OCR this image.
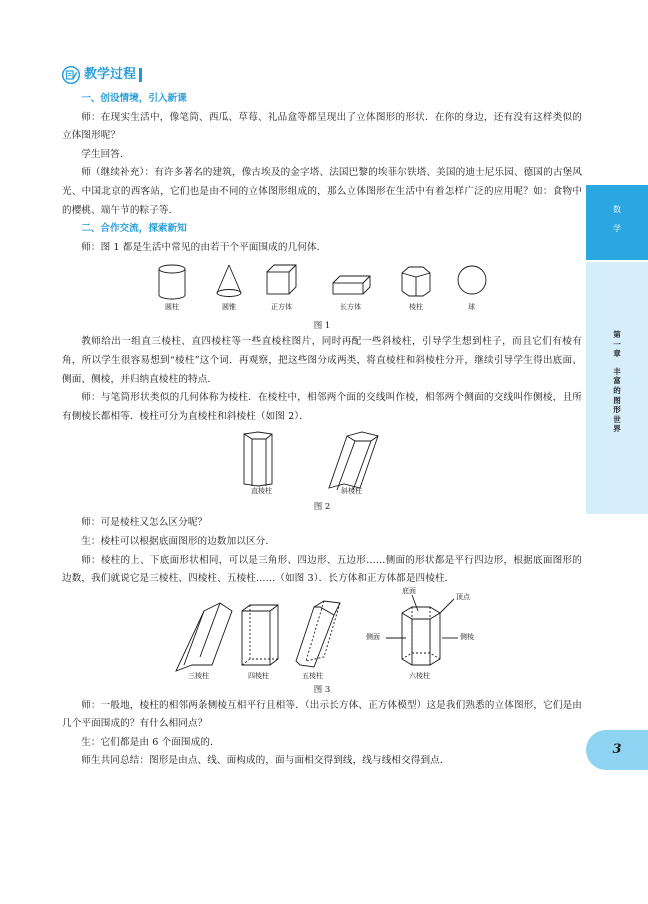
数
学
第
一
章
丰
富
的
图
形
世
界
3
教学过程

一、创设情境，引入新课

师：在现实生活中，像笔筒、西瓜、草莓、礼品盒等都呈现出了立体图形的形状．在你的身边，还有没有这样类似的立体图形呢？

学生回答．

师（继续补充）：有许多著名的建筑，像古埃及的金字塔、法国巴黎的埃菲尔铁塔、美国的迪士尼乐园、德国的古堡风光、中国北京的西客站，它们也是由不同的立体图形组成的，那么立体图形在生活中有着怎样广泛的应用呢？如：食物中的樱桃、端午节的粽子等．

二、合作交流，探索新知

师：图 1 都是生活中常见的由若干个平面围成的几何体．

圆柱	圆锥	正方体	长方体	棱柱	球
图 1

教师给出一组直三棱柱、直四棱柱等一些直棱柱图片，同时再配一些斜棱柱，引导学生想到柱子，而且它们有棱有角，所以学生很容易想到“棱柱”这个词．再观察，把这些图分成两类，将直棱柱和斜棱柱分开，继续引导学生得出底面、侧面、侧棱，并归纳直棱柱的特点．

师：与笔筒形状类似的几何体称为棱柱．在棱柱中，相邻两个面的交线叫作棱，相邻两个侧面的交线叫作侧棱，且所有侧棱长都相等．棱柱可分为直棱柱和斜棱柱（如图 2）．

直棱柱	斜棱柱
图 2

师：可是棱柱又怎么区分呢？

生：棱柱可以根据底面图形的边数加以区分．

师：棱柱的上、下底面形状相同，可以是三角形、四边形、五边形……侧面的形状都是平行四边形，根据底面图形的边数，我们就说它是三棱柱、四棱柱、五棱柱……（如图 3）．长方体和正方体都是四棱柱．

底面
顶点
侧面	侧棱
三棱柱	四棱柱	五棱柱	六棱柱
图 3

师：一般地，棱柱的相邻两条侧棱互相平行且相等．（出示长方体、正方体模型）这是我们熟悉的立体图形，它们是由几个平面围成的？有什么相同点？

生：它们都是由 6 个面围成的．

师生共同总结：图形是由点、线、面构成的，面与面相交得到线，线与线相交得到点．
